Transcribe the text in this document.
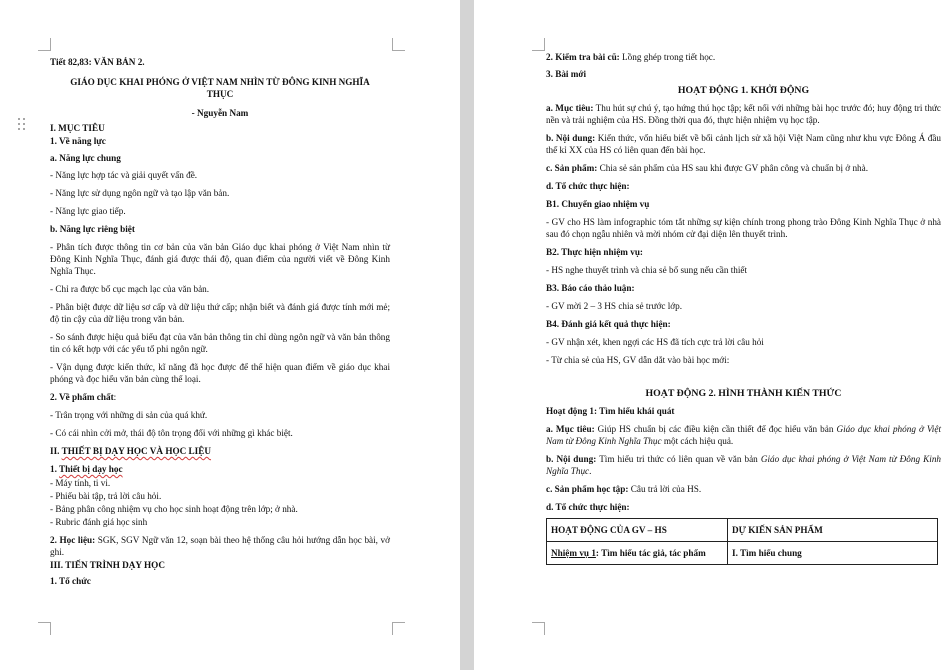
Tiết 82,83: VĂN BẢN 2.

GIÁO DỤC KHAI PHÓNG Ở VIỆT NAM NHÌN TỪ ĐÔNG KINH NGHĨA

THỤC

- Nguyễn Nam

I. MỤC TIÊU

1. Về năng lực

a. Năng lực chung

- Năng lực hợp tác và giải quyết vấn đề.

- Năng lực sử dụng ngôn ngữ và tạo lập văn bản.

- Năng lực giao tiếp.

b. Năng lực riêng biệt

- Phân tích được thông tin cơ bản của văn bản Giáo dục khai phóng ở Việt Nam nhìn từ Đông Kinh Nghĩa Thục, đánh giá được thái độ, quan điểm của người viết về Đông Kinh Nghĩa Thục.

- Chỉ ra được bố cục mạch lạc của văn bản.

- Phân biệt được dữ liệu sơ cấp và dữ liệu thứ cấp; nhận biết và đánh giá được tính mới mẻ; độ tin cậy của dữ liệu trong văn bản.

- So sánh được hiệu quả biểu đạt của văn bản thông tin chỉ dùng ngôn ngữ và văn bản thông tin có kết hợp với các yếu tố phi ngôn ngữ.

- Vận dụng được kiến thức, kĩ năng đã học được để thể hiện quan điểm về giáo dục khai phóng và đọc hiểu văn bản cùng thể loại.

2. Về phẩm chất:

- Trân trọng với những di sản của quá khứ.

- Có cái nhìn cởi mở, thái độ tôn trọng đối với những gì khác biệt.

II. THIẾT BỊ DẠY HỌC VÀ HỌC LIỆU

1. Thiết bị dạy học

- Máy tính, ti vi.

- Phiếu bài tập, trả lời câu hỏi.

- Bảng phân công nhiệm vụ cho học sinh hoạt động trên lớp; ở nhà.

- Rubric đánh giá học sinh

2. Học liệu: SGK, SGV Ngữ văn 12, soạn bài theo hệ thống câu hỏi hướng dẫn học bài, vở ghi.

III. TIẾN TRÌNH DẠY HỌC

1. Tổ chức

2. Kiểm tra bài cũ: Lồng ghép trong tiết học.

3. Bài mới

HOẠT ĐỘNG 1. KHỞI ĐỘNG

a. Mục tiêu: Thu hút sự chú ý, tạo hứng thú học tập; kết nối với những bài học trước đó; huy động tri thức nền và trải nghiệm của HS. Đồng thời qua đó, thực hiện nhiệm vụ học tập.

b. Nội dung: Kiến thức, vốn hiểu biết về bối cảnh lịch sử xã hội Việt Nam cũng như khu vực Đông Á đầu thế kỉ XX của HS có liên quan đến bài học.

c. Sản phẩm: Chia sẻ sản phẩm của HS sau khi được GV phân công và chuẩn bị ở nhà.

d. Tổ chức thực hiện:

B1. Chuyển giao nhiệm vụ

- GV cho HS làm infographic tóm tắt những sự kiện chính trong phong trào Đông Kinh Nghĩa Thục ở nhà sau đó chọn ngẫu nhiên và mời nhóm cử đại diện lên thuyết trình.

B2. Thực hiện nhiệm vụ:

- HS nghe thuyết trình và chia sẻ bổ sung nếu cần thiết

B3. Báo cáo thảo luận:

- GV mời 2 – 3 HS chia sẻ trước lớp.

B4. Đánh giá kết quả thực hiện:

- GV nhận xét, khen ngợi các HS đã tích cực trả lời câu hỏi

- Từ chia sẻ của HS, GV dẫn dắt vào bài học mới:

HOẠT ĐỘNG 2. HÌNH THÀNH KIẾN THỨC

Hoạt động 1: Tìm hiểu khái quát

a. Mục tiêu: Giúp HS chuẩn bị các điều kiện cần thiết để đọc hiểu văn bản Giáo dục khai phóng ở Việt Nam từ Đông Kinh Nghĩa Thục một cách hiệu quả.

b. Nội dung: Tìm hiểu tri thức có liên quan về văn bản Giáo dục khai phóng ở Việt Nam từ Đông Kinh Nghĩa Thục.

c. Sản phẩm học tập: Câu trả lời của HS.

d. Tổ chức thực hiện:

HOẠT ĐỘNG CỦA GV – HS	DỰ KIẾN SẢN PHẨM
Nhiệm vụ 1: Tìm hiểu tác giả, tác phẩm	I. Tìm hiểu chung
